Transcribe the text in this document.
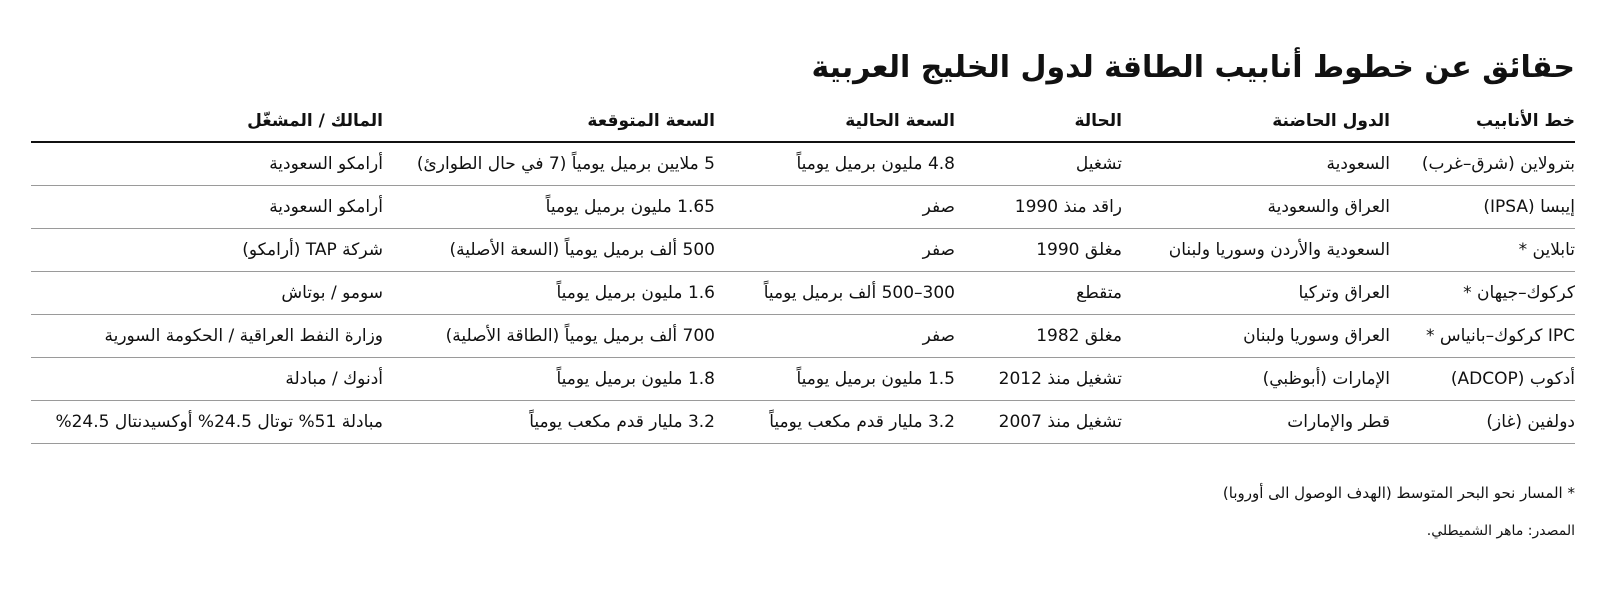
حقائق عن خطوط أنابيب الطاقة لدول الخليج العربية
خط الأنابيب	الدول الحاضنة	الحالة	السعة الحالية	السعة المتوقعة	المالك / المشغّل
بترولاين (شرق–غرب)	السعودية	تشغيل	4.8 مليون برميل يومياً	5 ملايين برميل يومياً (7 في حال الطوارئ)	أرامكو السعودية
إيبسا (IPSA)	العراق والسعودية	راقد منذ 1990	صفر	1.65 مليون برميل يومياً	أرامكو السعودية
تابلاين *	السعودية والأردن وسوريا ولبنان	مغلق 1990	صفر	500 ألف برميل يومياً (السعة الأصلية)	شركة TAP (أرامكو)
كركوك–جيهان *	العراق وتركيا	متقطع	300–500 ألف برميل يومياً	1.6 مليون برميل يومياً	سومو / بوتاش
IPC كركوك–بانياس *	العراق وسوريا ولبنان	مغلق 1982	صفر	700 ألف برميل يومياً (الطاقة الأصلية)	وزارة النفط العراقية / الحكومة السورية
أدكوب (ADCOP)	الإمارات (أبوظبي)	تشغيل منذ 2012	1.5 مليون برميل يومياً	1.8 مليون برميل يومياً	أدنوك / مبادلة
دولفين (غاز)	قطر والإمارات	تشغيل منذ 2007	3.2 مليار قدم مكعب يومياً	3.2 مليار قدم مكعب يومياً	مبادلة 51% توتال 24.5% أوكسيدنتال 24.5%
* المسار نحو البحر المتوسط (الهدف الوصول الى أوروبا)
المصدر: ماهر الشميطلي.
